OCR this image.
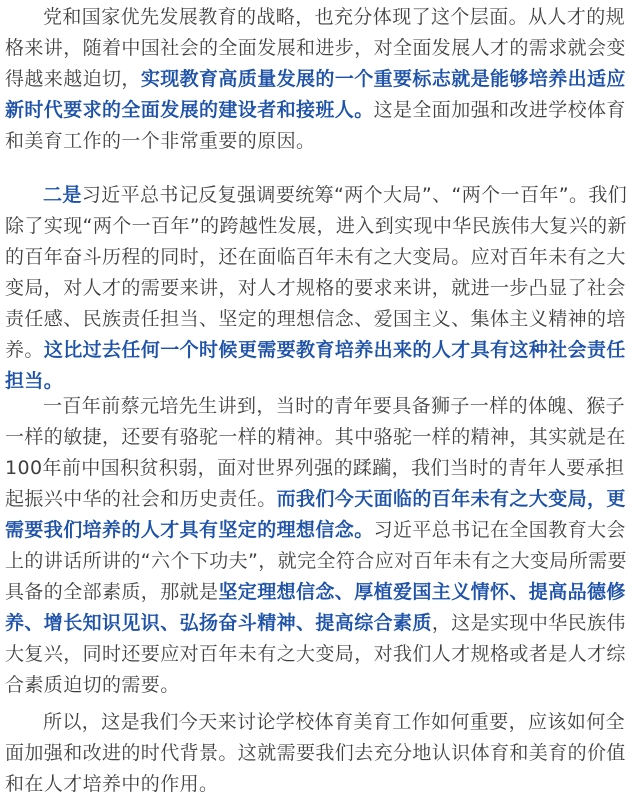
党和国家优先发展教育的战略，也充分体现了这个层面。从人才的规格来讲，随着中国社会的全面发展和进步，对全面发展人才的需求就会变得越来越迫切，实现教育高质量发展的一个重要标志就是能够培养出适应新时代要求的全面发展的建设者和接班人。这是全面加强和改进学校体育和美育工作的一个非常重要的原因。

二是习近平总书记反复强调要统筹“两个大局”、“两个一百年”。我们除了实现“两个一百年”的跨越性发展，进入到实现中华民族伟大复兴的新的百年奋斗历程的同时，还在面临百年未有之大变局。应对百年未有之大变局，对人才的需要来讲，对人才规格的要求来讲，就进一步凸显了社会责任感、民族责任担当、坚定的理想信念、爱国主义、集体主义精神的培养。这比过去任何一个时候更需要教育培养出来的人才具有这种社会责任担当。

一百年前蔡元培先生讲到，当时的青年要具备狮子一样的体魄、猴子一样的敏捷，还要有骆驼一样的精神。其中骆驼一样的精神，其实就是在100年前中国积贫积弱，面对世界列强的蹂躏，我们当时的青年人要承担起振兴中华的社会和历史责任。而我们今天面临的百年未有之大变局，更需要我们培养的人才具有坚定的理想信念。习近平总书记在全国教育大会上的讲话所讲的“六个下功夫”，就完全符合应对百年未有之大变局所需要具备的全部素质，那就是坚定理想信念、厚植爱国主义情怀、提高品德修养、增长知识见识、弘扬奋斗精神、提高综合素质，这是实现中华民族伟大复兴，同时还要应对百年未有之大变局，对我们人才规格或者是人才综合素质迫切的需要。

所以，这是我们今天来讨论学校体育美育工作如何重要，应该如何全面加强和改进的时代背景。这就需要我们去充分地认识体育和美育的价值和在人才培养中的作用。
